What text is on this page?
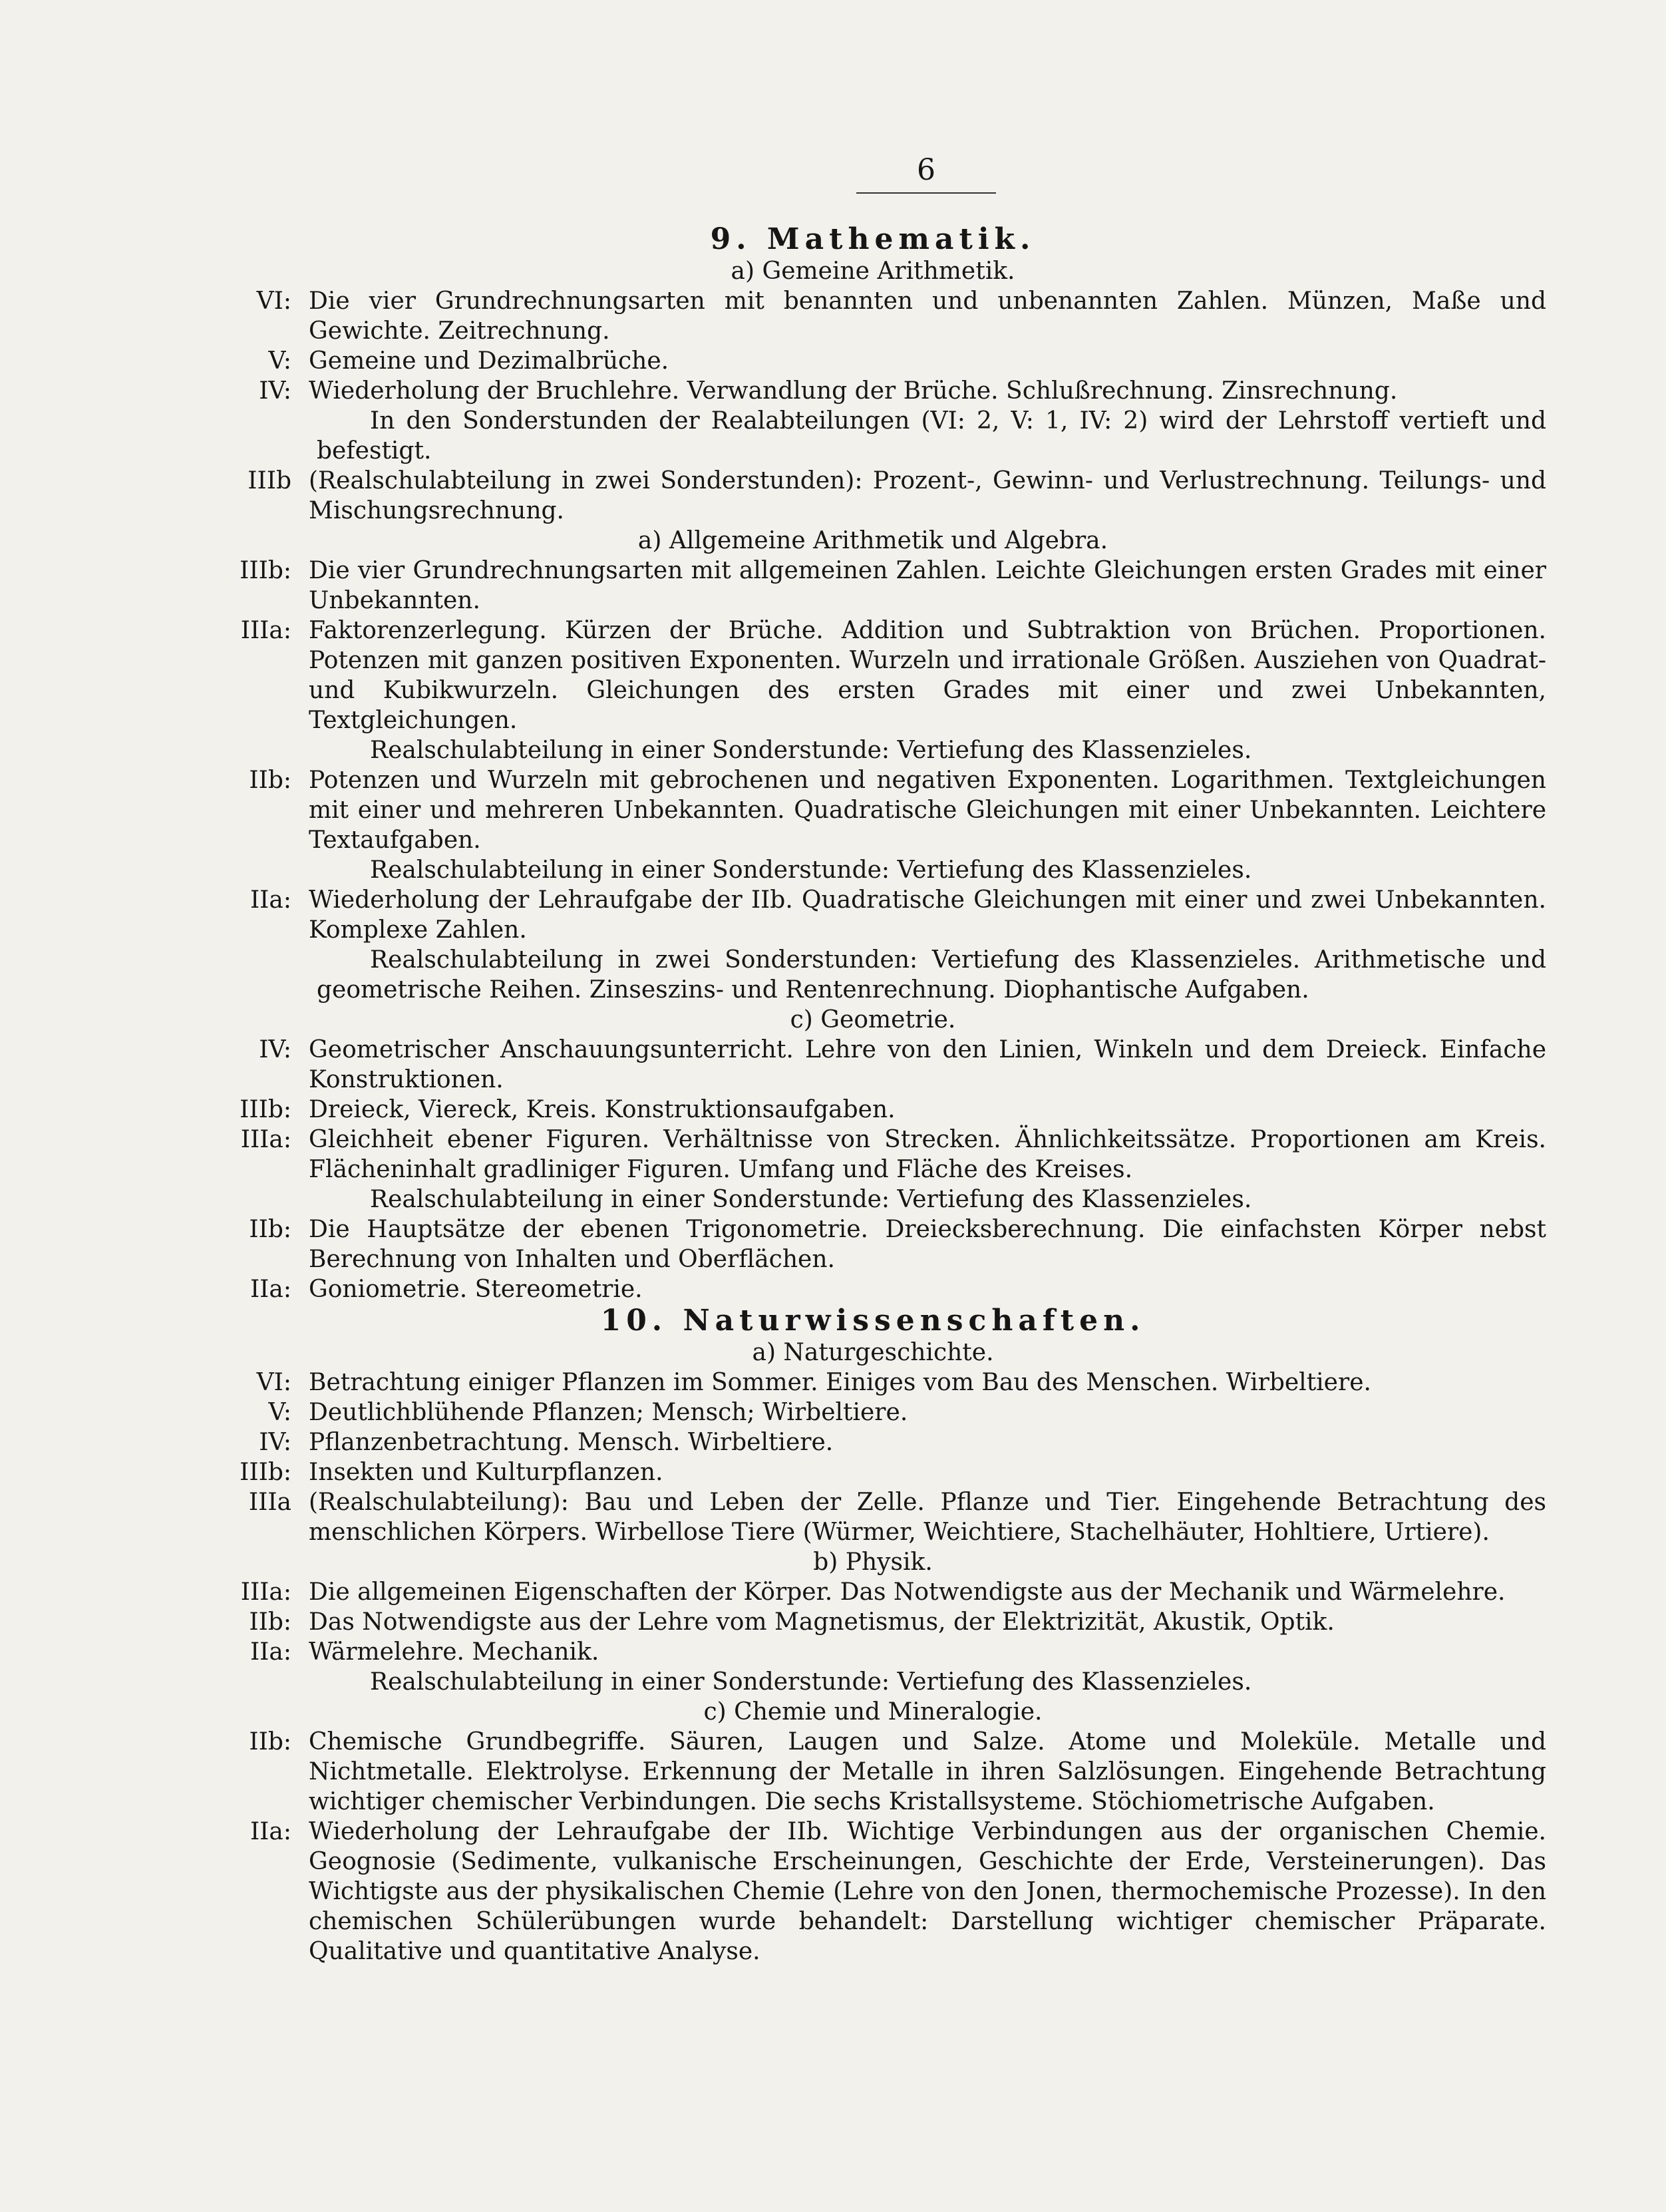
6
9. Mathematik.
a) Gemeine Arithmetik.
VI: Die vier Grundrechnungsarten mit benannten und unbenannten Zahlen. Münzen, Maße und Gewichte. Zeitrechnung.
V: Gemeine und Dezimalbrüche.
IV: Wiederholung der Bruchlehre. Verwandlung der Brüche. Schlußrechnung. Zinsrechnung.
In den Sonderstunden der Realabteilungen (VI: 2, V: 1, IV: 2) wird der Lehrstoff vertieft und befestigt.
IIIb (Realschulabteilung in zwei Sonderstunden): Prozent-, Gewinn- und Verlustrechnung. Teilungs- und Mischungsrechnung.
a) Allgemeine Arithmetik und Algebra.
IIIb: Die vier Grundrechnungsarten mit allgemeinen Zahlen. Leichte Gleichungen ersten Grades mit einer Unbekannten.
IIIa: Faktorenzerlegung. Kürzen der Brüche. Addition und Subtraktion von Brüchen. Proportionen. Potenzen mit ganzen positiven Exponenten. Wurzeln und irrationale Größen. Ausziehen von Quadrat- und Kubikwurzeln. Gleichungen des ersten Grades mit einer und zwei Unbekannten, Textgleichungen.
Realschulabteilung in einer Sonderstunde: Vertiefung des Klassenzieles.
IIb: Potenzen und Wurzeln mit gebrochenen und negativen Exponenten. Logarithmen. Textgleichungen mit einer und mehreren Unbekannten. Quadratische Gleichungen mit einer Unbekannten. Leichtere Textaufgaben.
Realschulabteilung in einer Sonderstunde: Vertiefung des Klassenzieles.
IIa: Wiederholung der Lehraufgabe der IIb. Quadratische Gleichungen mit einer und zwei Unbekannten. Komplexe Zahlen.
Realschulabteilung in zwei Sonderstunden: Vertiefung des Klassenzieles. Arithmetische und geometrische Reihen. Zinseszins- und Rentenrechnung. Diophantische Aufgaben.
c) Geometrie.
IV: Geometrischer Anschauungsunterricht. Lehre von den Linien, Winkeln und dem Dreieck. Einfache Konstruktionen.
IIIb: Dreieck, Viereck, Kreis. Konstruktionsaufgaben.
IIIa: Gleichheit ebener Figuren. Verhältnisse von Strecken. Ähnlichkeitssätze. Proportionen am Kreis. Flächeninhalt gradliniger Figuren. Umfang und Fläche des Kreises.
Realschulabteilung in einer Sonderstunde: Vertiefung des Klassenzieles.
IIb: Die Hauptsätze der ebenen Trigonometrie. Dreiecksberechnung. Die einfachsten Körper nebst Berechnung von Inhalten und Oberflächen.
IIa: Goniometrie. Stereometrie.
10. Naturwissenschaften.
a) Naturgeschichte.
VI: Betrachtung einiger Pflanzen im Sommer. Einiges vom Bau des Menschen. Wirbeltiere.
V: Deutlichblühende Pflanzen; Mensch; Wirbeltiere.
IV: Pflanzenbetrachtung. Mensch. Wirbeltiere.
IIIb: Insekten und Kulturpflanzen.
IIIa (Realschulabteilung): Bau und Leben der Zelle. Pflanze und Tier. Eingehende Betrachtung des menschlichen Körpers. Wirbellose Tiere (Würmer, Weichtiere, Stachelhäuter, Hohltiere, Urtiere).
b) Physik.
IIIa: Die allgemeinen Eigenschaften der Körper. Das Notwendigste aus der Mechanik und Wärmelehre.
IIb: Das Notwendigste aus der Lehre vom Magnetismus, der Elektrizität, Akustik, Optik.
IIa: Wärmelehre. Mechanik.
Realschulabteilung in einer Sonderstunde: Vertiefung des Klassenzieles.
c) Chemie und Mineralogie.
IIb: Chemische Grundbegriffe. Säuren, Laugen und Salze. Atome und Moleküle. Metalle und Nichtmetalle. Elektrolyse. Erkennung der Metalle in ihren Salzlösungen. Eingehende Betrachtung wichtiger chemischer Verbindungen. Die sechs Kristallsysteme. Stöchiometrische Aufgaben.
IIa: Wiederholung der Lehraufgabe der IIb. Wichtige Verbindungen aus der organischen Chemie. Geognosie (Sedimente, vulkanische Erscheinungen, Geschichte der Erde, Versteinerungen). Das Wichtigste aus der physikalischen Chemie (Lehre von den Jonen, thermochemische Prozesse). In den chemischen Schülerübungen wurde behandelt: Darstellung wichtiger chemischer Präparate. Qualitative und quantitative Analyse.
